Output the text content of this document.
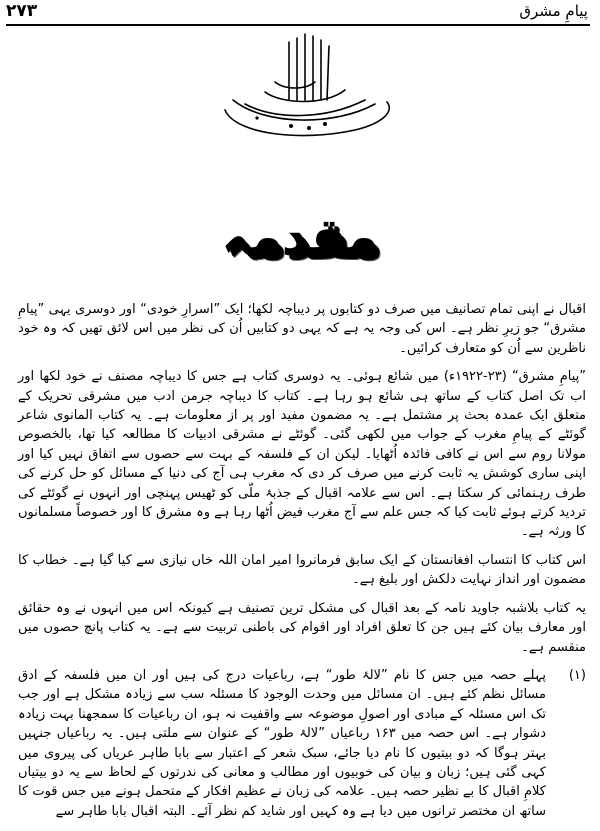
۲۷۳	پیامِ مشرق
مقدمہ

اقبال نے اپنی تمام تصانیف میں صرف دو کتابوں پر دیباچہ لکھا؛ ایک ”اسرارِ خودی“ اور دوسری یہی ”پیامِ مشرق“ جو زیرِ نظر ہے۔ اس کی وجہ یہ ہے کہ یہی دو کتابیں اُن کی نظر میں اس لائق تھیں کہ وہ خود ناظرین سے اُن کو متعارف کرائیں۔

”پیامِ مشرق“ (۲۳-۱۹۲۲ء) میں شائع ہوئی۔ یہ دوسری کتاب ہے جس کا دیباچہ مصنف نے خود لکھا اور اب تک اصل کتاب کے ساتھ ہی شائع ہو رہا ہے۔ کتاب کا دیباچہ جرمن ادب میں مشرقی تحریک کے متعلق ایک عمدہ بحث پر مشتمل ہے۔ یہ مضمون مفید اور پر از معلومات ہے۔ یہ کتاب المانوی شاعر گوئٹے کے پیامِ مغرب کے جواب میں لکھی گئی۔ گوئٹے نے مشرقی ادبیات کا مطالعہ کیا تھا، بالخصوص مولانا روم سے اس نے کافی فائدہ اُٹھایا۔ لیکن ان کے فلسفہ کے بہت سے حصوں سے اتفاق نہیں کیا اور اپنی ساری کوشش یہ ثابت کرنے میں صرف کر دی کہ مغرب ہی آج کی دنیا کے مسائل کو حل کرنے کی طرف رہنمائی کر سکتا ہے۔ اس سے علامہ اقبال کے جذبۂ ملّی کو ٹھیس پہنچی اور انہوں نے گوئٹے کی تردید کرتے ہوئے ثابت کیا کہ جس علم سے آج مغرب فیض اُٹھا رہا ہے وہ مشرق کا اور خصوصاً مسلمانوں کا ورثہ ہے۔

اس کتاب کا انتساب افغانستان کے ایک سابق فرمانروا امیر امان اللہ خاں نیازی سے کیا گیا ہے۔ خطاب کا مضمون اور انداز نہایت دلکش اور بلیغ ہے۔

یہ کتاب بلاشبہ جاوید نامہ کے بعد اقبال کی مشکل ترین تصنیف ہے کیونکہ اس میں انہوں نے وہ حقائق اور معارف بیان کئے ہیں جن کا تعلق افراد اور اقوام کی باطنی تربیت سے ہے۔ یہ کتاب پانچ حصوں میں منقسم ہے۔

(۱)

پہلے حصہ میں جس کا نام ”لالۂ طور“ ہے، رباعیات درج کی ہیں اور ان میں فلسفہ کے ادق مسائل نظم کئے ہیں۔ ان مسائل میں وحدت الوجود کا مسئلہ سب سے زیادہ مشکل ہے اور جب تک اس مسئلہ کے مبادی اور اصولِ موضوعہ سے واقفیت نہ ہو، ان رباعیات کا سمجھنا بہت زیادہ دشوار ہے۔ اس حصہ میں ۱۶۳ رباعیاں ”لالۂ طور“ کے عنوان سے ملتی ہیں۔ یہ رباعیاں جنہیں بہتر ہوگا کہ دو بیتیوں کا نام دیا جائے، سبک شعر کے اعتبار سے بابا طاہر عریاں کی پیروی میں کہی گئی ہیں؛ زبان و بیان کی خوبیوں اور مطالب و معانی کی ندرتوں کے لحاظ سے یہ دو بیتیاں کلامِ اقبال کا بے نظیر حصہ ہیں۔ علامہ کی زبان نے عظیم افکار کے متحمل ہونے میں جس قوت کا ساتھ ان مختصر ترانوں میں دیا ہے وہ کہیں اور شاید کم نظر آئے۔ البتہ اقبال بابا طاہر سے
